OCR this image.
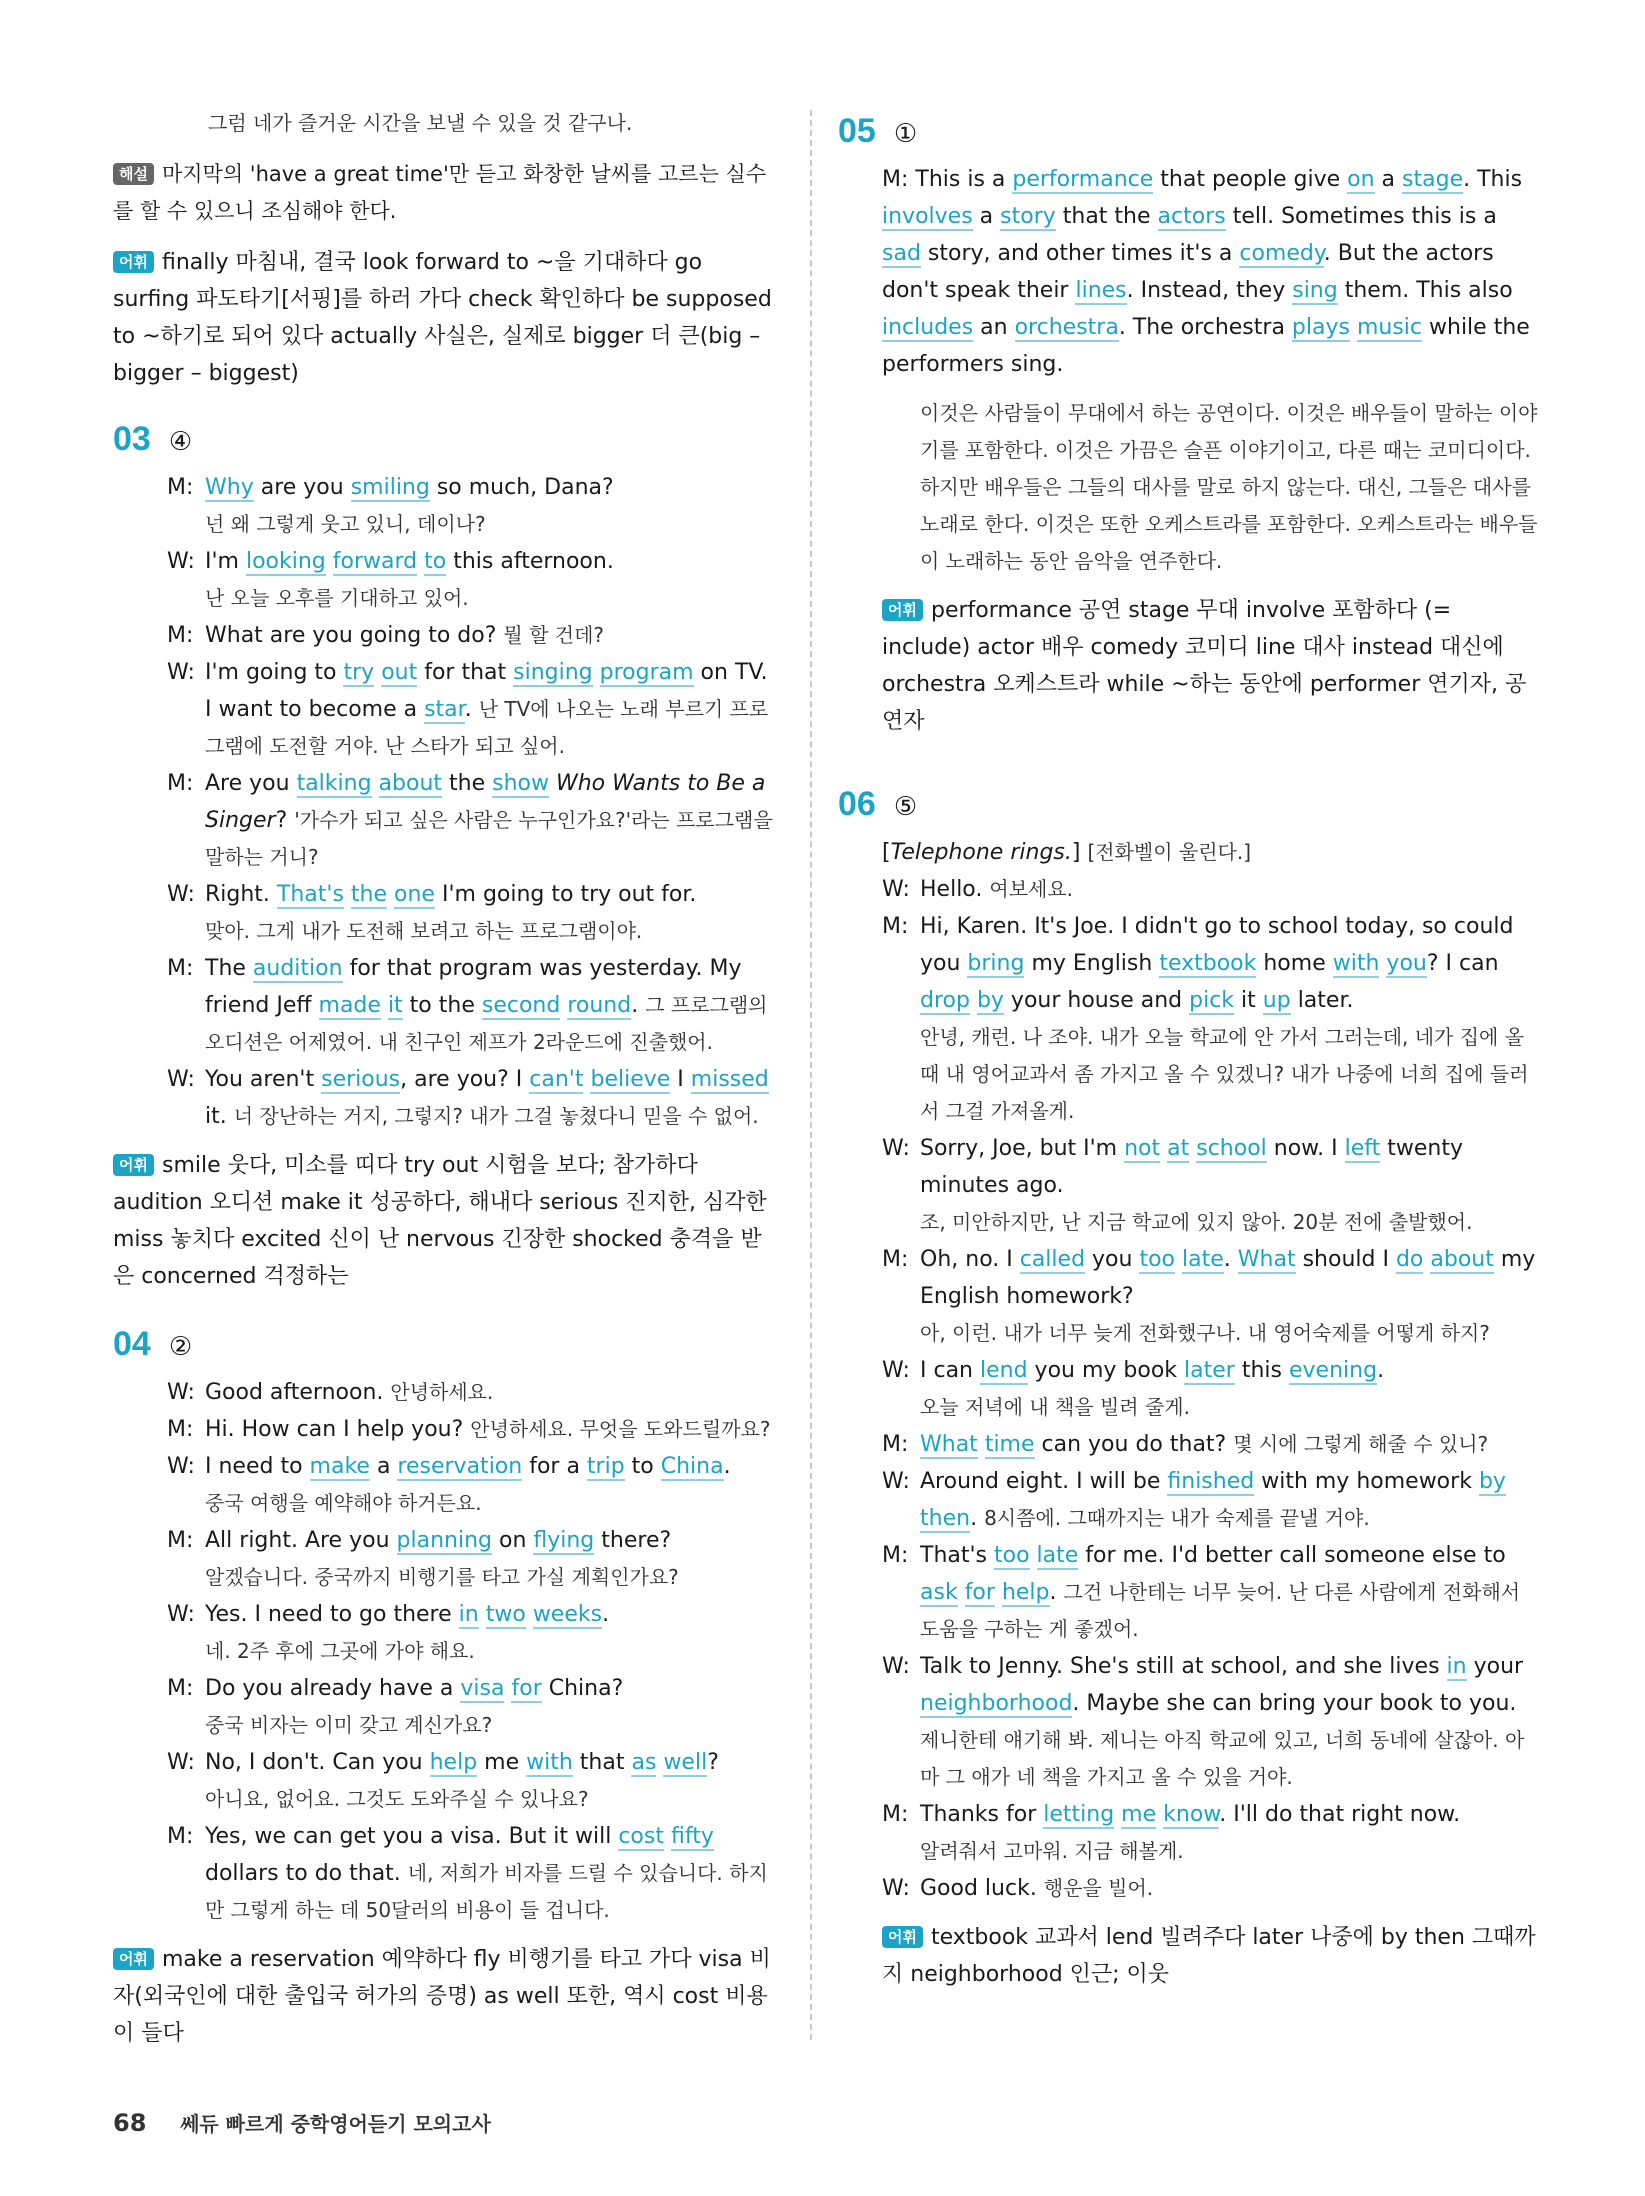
그럼 네가 즐거운 시간을 보낼 수 있을 것 같구나.
해설 마지막의 'have a great time'만 듣고 화창한 날씨를 고르는 실수를 할 수 있으니 조심해야 한다.
어휘 finally 마침내, 결국 look forward to ~을 기대하다 go surfing 파도타기[서핑]를 하러 가다 check 확인하다 be supposed to ~하기로 되어 있다 actually 사실은, 실제로 bigger 더 큰(big – bigger – biggest)
03 ④
M: Why are you smiling so much, Dana?
넌 왜 그렇게 웃고 있니, 데이나?
W: I'm looking forward to this afternoon.
난 오늘 오후를 기대하고 있어.
M: What are you going to do? 뭘 할 건데?
W: I'm going to try out for that singing program on TV. I want to become a star. 난 TV에 나오는 노래 부르기 프로그램에 도전할 거야. 난 스타가 되고 싶어.
M: Are you talking about the show Who Wants to Be a Singer? '가수가 되고 싶은 사람은 누구인가요?'라는 프로그램을 말하는 거니?
W: Right. That's the one I'm going to try out for.
맞아. 그게 내가 도전해 보려고 하는 프로그램이야.
M: The audition for that program was yesterday. My friend Jeff made it to the second round. 그 프로그램의 오디션은 어제였어. 내 친구인 제프가 2라운드에 진출했어.
W: You aren't serious, are you? I can't believe I missed it. 너 장난하는 거지, 그렇지? 내가 그걸 놓쳤다니 믿을 수 없어.
어휘 smile 웃다, 미소를 띠다 try out 시험을 보다; 참가하다 audition 오디션 make it 성공하다, 해내다 serious 진지한, 심각한 miss 놓치다 excited 신이 난 nervous 긴장한 shocked 충격을 받은 concerned 걱정하는
04 ②
W: Good afternoon. 안녕하세요.
M: Hi. How can I help you? 안녕하세요. 무엇을 도와드릴까요?
W: I need to make a reservation for a trip to China.
중국 여행을 예약해야 하거든요.
M: All right. Are you planning on flying there?
알겠습니다. 중국까지 비행기를 타고 가실 계획인가요?
W: Yes. I need to go there in two weeks.
네. 2주 후에 그곳에 가야 해요.
M: Do you already have a visa for China?
중국 비자는 이미 갖고 계신가요?
W: No, I don't. Can you help me with that as well?
아니요, 없어요. 그것도 도와주실 수 있나요?
M: Yes, we can get you a visa. But it will cost fifty dollars to do that. 네, 저희가 비자를 드릴 수 있습니다. 하지만 그렇게 하는 데 50달러의 비용이 들 겁니다.
어휘 make a reservation 예약하다 fly 비행기를 타고 가다 visa 비자(외국인에 대한 출입국 허가의 증명) as well 또한, 역시 cost 비용이 들다
05 ①
M: This is a performance that people give on a stage. This involves a story that the actors tell. Sometimes this is a sad story, and other times it's a comedy. But the actors don't speak their lines. Instead, they sing them. This also includes an orchestra. The orchestra plays music while the performers sing.
이것은 사람들이 무대에서 하는 공연이다. 이것은 배우들이 말하는 이야기를 포함한다. 이것은 가끔은 슬픈 이야기이고, 다른 때는 코미디이다. 하지만 배우들은 그들의 대사를 말로 하지 않는다. 대신, 그들은 대사를 노래로 한다. 이것은 또한 오케스트라를 포함한다. 오케스트라는 배우들이 노래하는 동안 음악을 연주한다.
어휘 performance 공연 stage 무대 involve 포함하다 (= include) actor 배우 comedy 코미디 line 대사 instead 대신에 orchestra 오케스트라 while ~하는 동안에 performer 연기자, 공연자
06 ⑤
[Telephone rings.] [전화벨이 울린다.]
W: Hello. 여보세요.
M: Hi, Karen. It's Joe. I didn't go to school today, so could you bring my English textbook home with you? I can drop by your house and pick it up later.
안녕, 캐런. 나 조야. 내가 오늘 학교에 안 가서 그러는데, 네가 집에 올 때 내 영어교과서 좀 가지고 올 수 있겠니? 내가 나중에 너희 집에 들러서 그걸 가져올게.
W: Sorry, Joe, but I'm not at school now. I left twenty minutes ago.
조, 미안하지만, 난 지금 학교에 있지 않아. 20분 전에 출발했어.
M: Oh, no. I called you too late. What should I do about my English homework?
아, 이런. 내가 너무 늦게 전화했구나. 내 영어숙제를 어떻게 하지?
W: I can lend you my book later this evening.
오늘 저녁에 내 책을 빌려 줄게.
M: What time can you do that? 몇 시에 그렇게 해줄 수 있니?
W: Around eight. I will be finished with my homework by then. 8시쯤에. 그때까지는 내가 숙제를 끝낼 거야.
M: That's too late for me. I'd better call someone else to ask for help. 그건 나한테는 너무 늦어. 난 다른 사람에게 전화해서 도움을 구하는 게 좋겠어.
W: Talk to Jenny. She's still at school, and she lives in your neighborhood. Maybe she can bring your book to you. 제니한테 얘기해 봐. 제니는 아직 학교에 있고, 너희 동네에 살잖아. 아마 그 애가 네 책을 가지고 올 수 있을 거야.
M: Thanks for letting me know. I'll do that right now.
알려줘서 고마워. 지금 해볼게.
W: Good luck. 행운을 빌어.
어휘 textbook 교과서 lend 빌려주다 later 나중에 by then 그때까지 neighborhood 인근; 이웃
68 쎄듀 빠르게 중학영어듣기 모의고사
